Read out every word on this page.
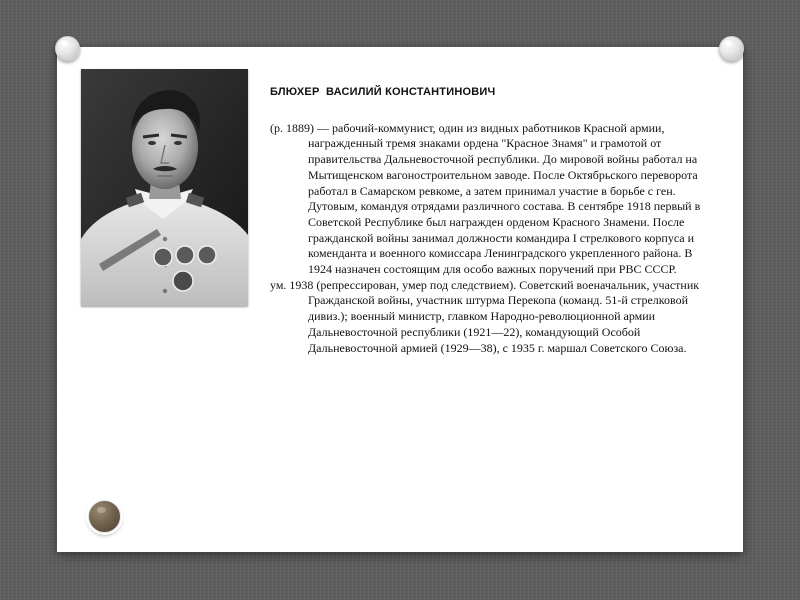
БЛЮХЕР  ВАСИЛИЙ КОНСТАНТИНОВИЧ

(р. 1889) — рабочий-коммунист, один из видных работников Красной армии, награжденный тремя знаками ордена "Красное Знамя" и грамотой от правительства Дальневосточной республики. До мировой войны работал на Мытищенском вагоностроительном заводе. После Октябрьского переворота работал в Самарском ревкоме, а затем принимал участие в борьбе с ген. Дутовым, командуя отрядами различного состава. В сентябре 1918 первый в Советской Республике был награжден орденом Красного Знамени. После гражданской войны занимал должности командира I стрелкового корпуса и коменданта и военного комиссара Ленинградского укрепленного района. В 1924 назначен состоящим для особо важных поручений при РВС СССР.

ум. 1938 (репрессирован, умер под следствием). Советский военачальник, участник Гражданской войны, участник штурма Перекопа (команд. 51-й стрелковой дивиз.); военный министр, главком Народно-революционной армии Дальневосточной республики (1921—22), командующий Особой Дальневосточной армией (1929—38), с 1935 г. маршал Советского Союза.
